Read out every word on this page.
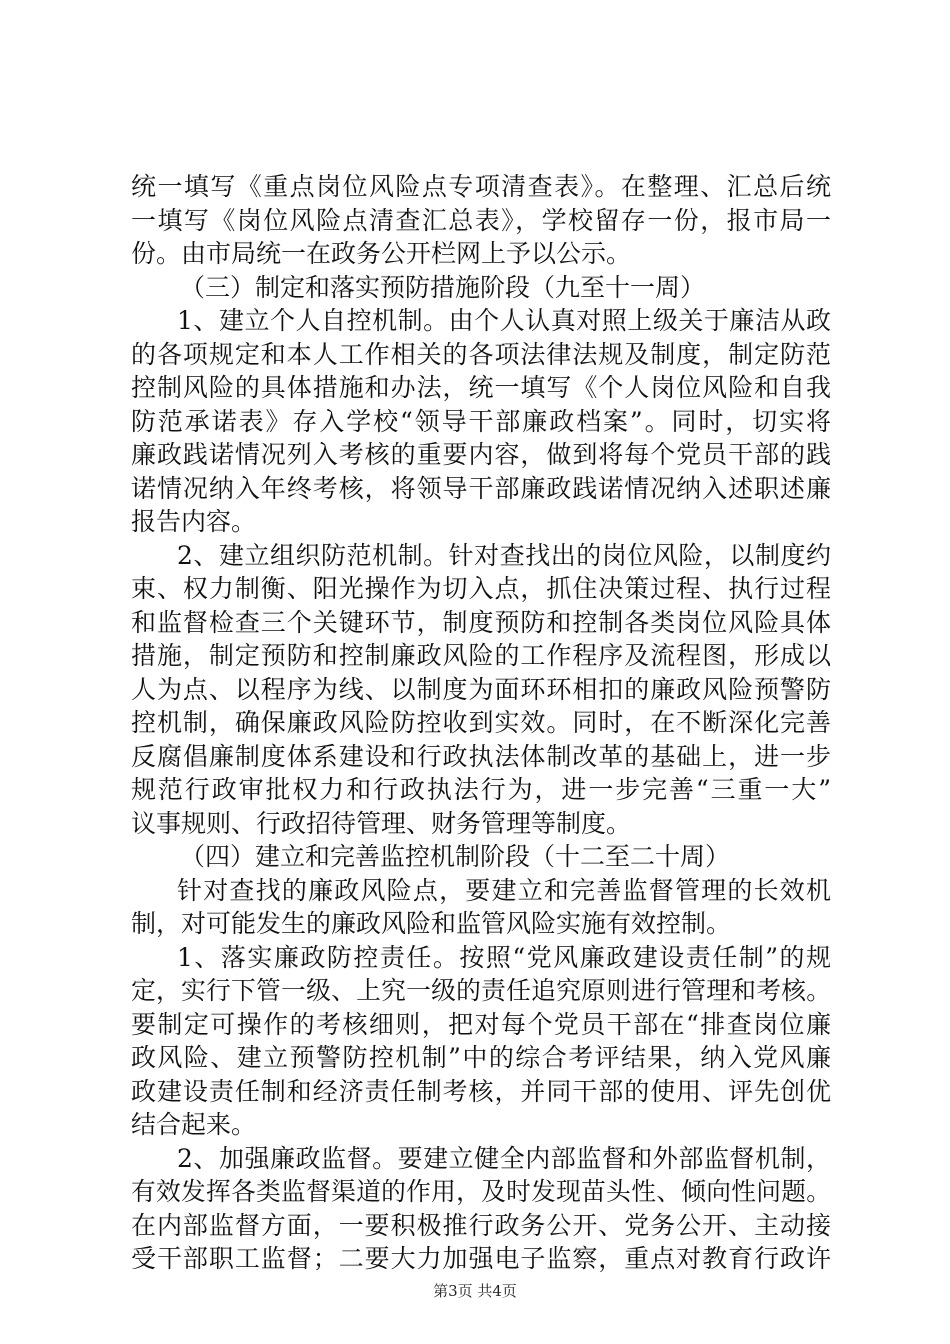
统一填写《重点岗位风险点专项清查表》。在整理、汇总后统
一填写《岗位风险点清查汇总表》，学校留存一份，报市局一
份。由市局统一在政务公开栏网上予以公示。
（三）制定和落实预防措施阶段（九至十一周）
1、建立个人自控机制。由个人认真对照上级关于廉洁从政
的各项规定和本人工作相关的各项法律法规及制度，制定防范
控制风险的具体措施和办法，统一填写《个人岗位风险和自我
防范承诺表》存入学校“领导干部廉政档案”。同时，切实将
廉政践诺情况列入考核的重要内容，做到将每个党员干部的践
诺情况纳入年终考核，将领导干部廉政践诺情况纳入述职述廉
报告内容。
2、建立组织防范机制。针对查找出的岗位风险，以制度约
束、权力制衡、阳光操作为切入点，抓住决策过程、执行过程
和监督检查三个关键环节，制度预防和控制各类岗位风险具体
措施，制定预防和控制廉政风险的工作程序及流程图，形成以
人为点、以程序为线、以制度为面环环相扣的廉政风险预警防
控机制，确保廉政风险防控收到实效。同时，在不断深化完善
反腐倡廉制度体系建设和行政执法体制改革的基础上，进一步
规范行政审批权力和行政执法行为，进一步完善“三重一大”
议事规则、行政招待管理、财务管理等制度。
（四）建立和完善监控机制阶段（十二至二十周）
针对查找的廉政风险点，要建立和完善监督管理的长效机
制，对可能发生的廉政风险和监管风险实施有效控制。
1、落实廉政防控责任。按照“党风廉政建设责任制”的规
定，实行下管一级、上究一级的责任追究原则进行管理和考核。
要制定可操作的考核细则，把对每个党员干部在“排查岗位廉
政风险、建立预警防控机制”中的综合考评结果，纳入党风廉
政建设责任制和经济责任制考核，并同干部的使用、评先创优
结合起来。
2、加强廉政监督。要建立健全内部监督和外部监督机制，
有效发挥各类监督渠道的作用，及时发现苗头性、倾向性问题。
在内部监督方面，一要积极推行政务公开、党务公开、主动接
受干部职工监督；二要大力加强电子监察，重点对教育行政许
第3页 共4页
